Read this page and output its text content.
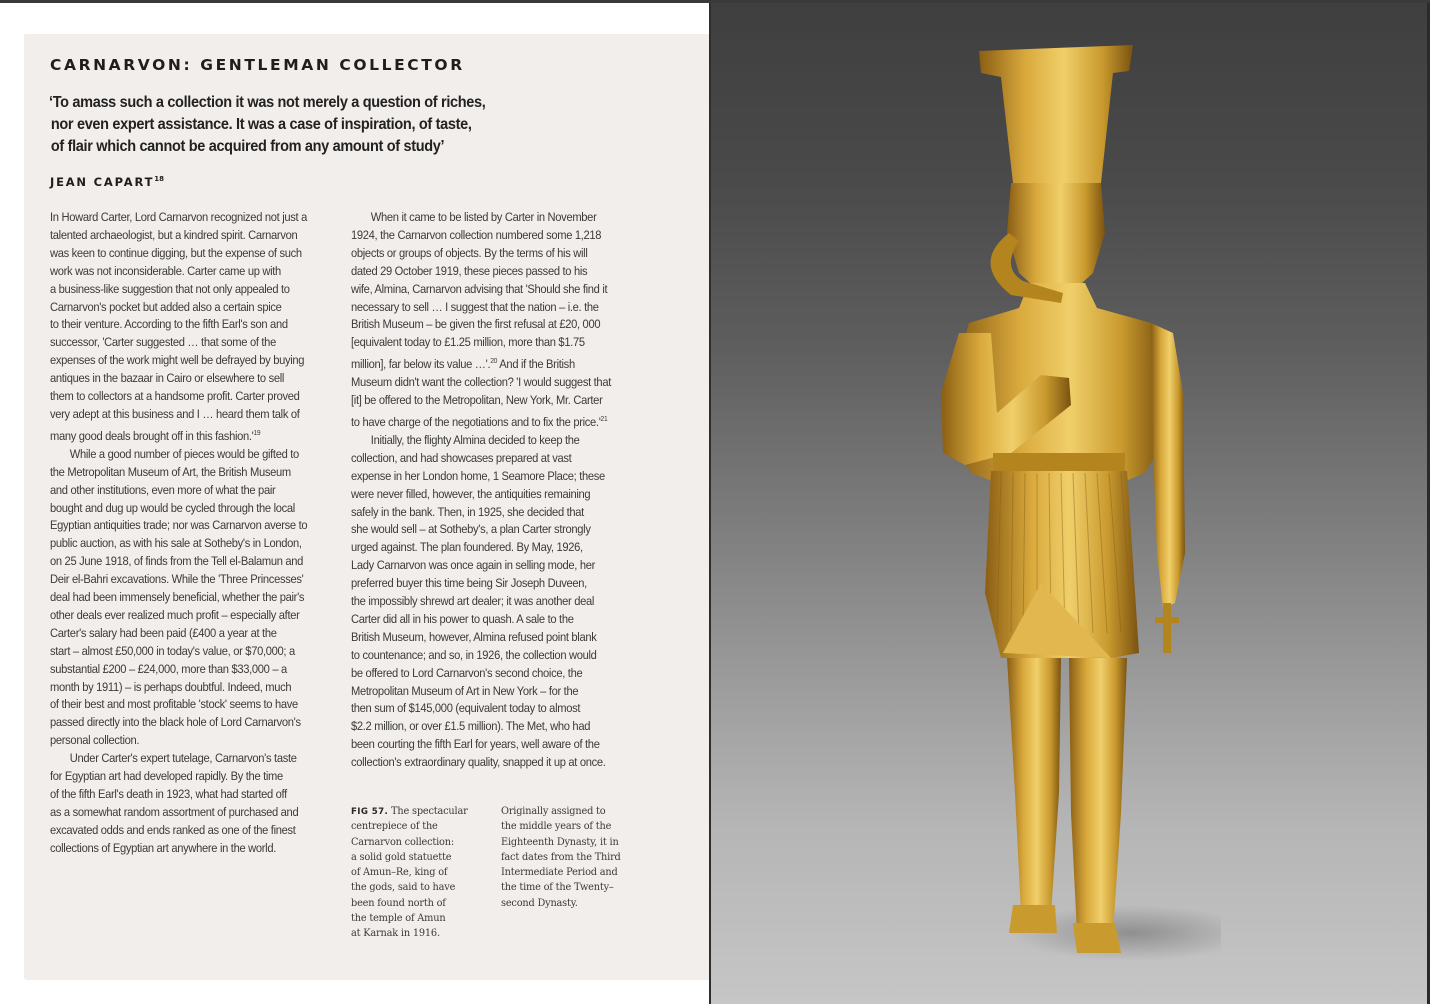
CARNARVON: GENTLEMAN COLLECTOR
‘To amass such a collection it was not merely a question of riches,
nor even expert assistance. It was a case of inspiration, of taste,
of flair which cannot be acquired from any amount of study’
JEAN CAPART$^{18}$
In Howard Carter, Lord Carnarvon recognized not just a
talented archaeologist, but a kindred spirit. Carnarvon
was keen to continue digging, but the expense of such
work was not inconsiderable. Carter came up with
a business-like suggestion that not only appealed to
Carnarvon's pocket but added also a certain spice
to their venture. According to the fifth Earl's son and
successor, 'Carter suggested … that some of the
expenses of the work might well be defrayed by buying
antiques in the bazaar in Cairo or elsewhere to sell
them to collectors at a handsome profit. Carter proved
very adept at this business and I … heard them talk of
many good deals brought off in this fashion.'$^{19}$
While a good number of pieces would be gifted to
the Metropolitan Museum of Art, the British Museum
and other institutions, even more of what the pair
bought and dug up would be cycled through the local
Egyptian antiquities trade; nor was Carnarvon averse to
public auction, as with his sale at Sotheby's in London,
on 25 June 1918, of finds from the Tell el-Balamun and
Deir el-Bahri excavations. While the 'Three Princesses'
deal had been immensely beneficial, whether the pair's
other deals ever realized much profit – especially after
Carter's salary had been paid (£400 a year at the
start – almost £50,000 in today's value, or $70,000; a
substantial £200 – £24,000, more than $33,000 – a
month by 1911) – is perhaps doubtful. Indeed, much
of their best and most profitable 'stock' seems to have
passed directly into the black hole of Lord Carnarvon's
personal collection.
Under Carter's expert tutelage, Carnarvon's taste
for Egyptian art had developed rapidly. By the time
of the fifth Earl's death in 1923, what had started off
as a somewhat random assortment of purchased and
excavated odds and ends ranked as one of the finest
collections of Egyptian art anywhere in the world.
When it came to be listed by Carter in November
1924, the Carnarvon collection numbered some 1,218
objects or groups of objects. By the terms of his will
dated 29 October 1919, these pieces passed to his
wife, Almina, Carnarvon advising that 'Should she find it
necessary to sell … I suggest that the nation – i.e. the
British Museum – be given the first refusal at £20, 000
[equivalent today to £1.25 million, more than $1.75
million], far below its value …'.$^{20}$ And if the British
Museum didn't want the collection? 'I would suggest that
[it] be offered to the Metropolitan, New York, Mr. Carter
to have charge of the negotiations and to fix the price.'$^{21}$
Initially, the flighty Almina decided to keep the
collection, and had showcases prepared at vast
expense in her London home, 1 Seamore Place; these
were never filled, however, the antiquities remaining
safely in the bank. Then, in 1925, she decided that
she would sell – at Sotheby's, a plan Carter strongly
urged against. The plan foundered. By May, 1926,
Lady Carnarvon was once again in selling mode, her
preferred buyer this time being Sir Joseph Duveen,
the impossibly shrewd art dealer; it was another deal
Carter did all in his power to quash. A sale to the
British Museum, however, Almina refused point blank
to countenance; and so, in 1926, the collection would
be offered to Lord Carnarvon's second choice, the
Metropolitan Museum of Art in New York – for the
then sum of $145,000 (equivalent today to almost
$2.2 million, or over £1.5 million). The Met, who had
been courting the fifth Earl for years, well aware of the
collection's extraordinary quality, snapped it up at once.
FIG 57. The spectacular
centrepiece of the
Carnarvon collection:
a solid gold statuette
of Amun–Re, king of
the gods, said to have
been found north of
the temple of Amun
at Karnak in 1916.
Originally assigned to
the middle years of the
Eighteenth Dynasty, it in
fact dates from the Third
Intermediate Period and
the time of the Twenty–
second Dynasty.
